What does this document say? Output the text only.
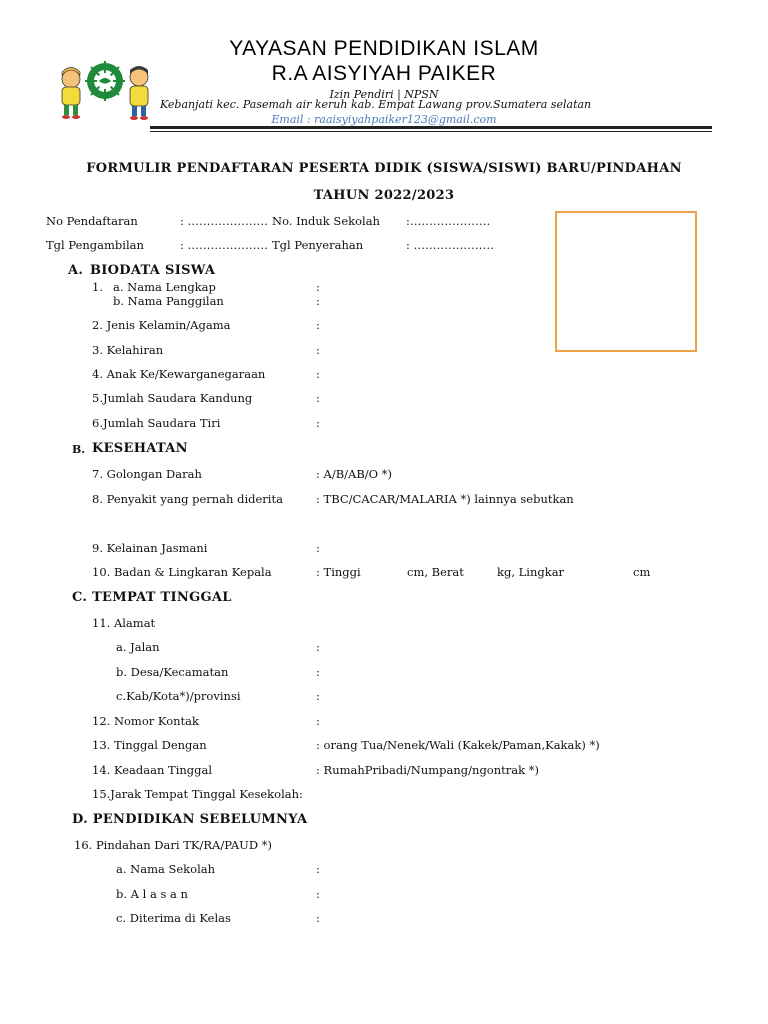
YAYASAN PENDIDIKAN ISLAM
R.A AISYIYAH PAIKER
Izin Pendiri | NPSN
Kebanjati kec. Pasemah air keruh kab. Empat Lawang prov.Sumatera selatan
Email : raaisyiyahpaiker123@gmail.com
FORMULIR PENDAFTARAN PESERTA DIDIK (SISWA/SISWI) BARU/PINDAHAN
TAHUN 2022/2023
No Pendaftaran	: ………………… No. Induk Sekolah :…………………
Tgl Pengambilan	: ………………… Tgl Penyerahan	: …………………
A. BIODATA SISWA
1. a. Nama Lengkap	:
b. Nama Panggilan	:
2. Jenis Kelamin/Agama	:
3. Kelahiran	:
4. Anak Ke/Kewarganegaraan	:
5.Jumlah Saudara Kandung	:
6.Jumlah Saudara Tiri	:
B. KESEHATAN
7. Golongan Darah	: A/B/AB/O *)
8. Penyakit yang pernah diderita	: TBC/CACAR/MALARIA *) lainnya sebutkan
9. Kelainan Jasmani	:
10. Badan & Lingkaran Kepala	: Tinggi	cm, Berat	kg, Lingkar	cm
C. TEMPAT TINGGAL
11. Alamat
a. Jalan	:
b. Desa/Kecamatan	:
c.Kab/Kota*)/provinsi	:
12. Nomor Kontak	:
13. Tinggal Dengan	: orang Tua/Nenek/Wali (Kakek/Paman,Kakak) *)
14. Keadaan Tinggal	: RumahPribadi/Numpang/ngontrak *)
15.Jarak Tempat Tinggal Kesekolah:
D. PENDIDIKAN SEBELUMNYA
16. Pindahan Dari TK/RA/PAUD *)
a. Nama Sekolah	:
b. A l a s a n	:
c. Diterima di Kelas	:
